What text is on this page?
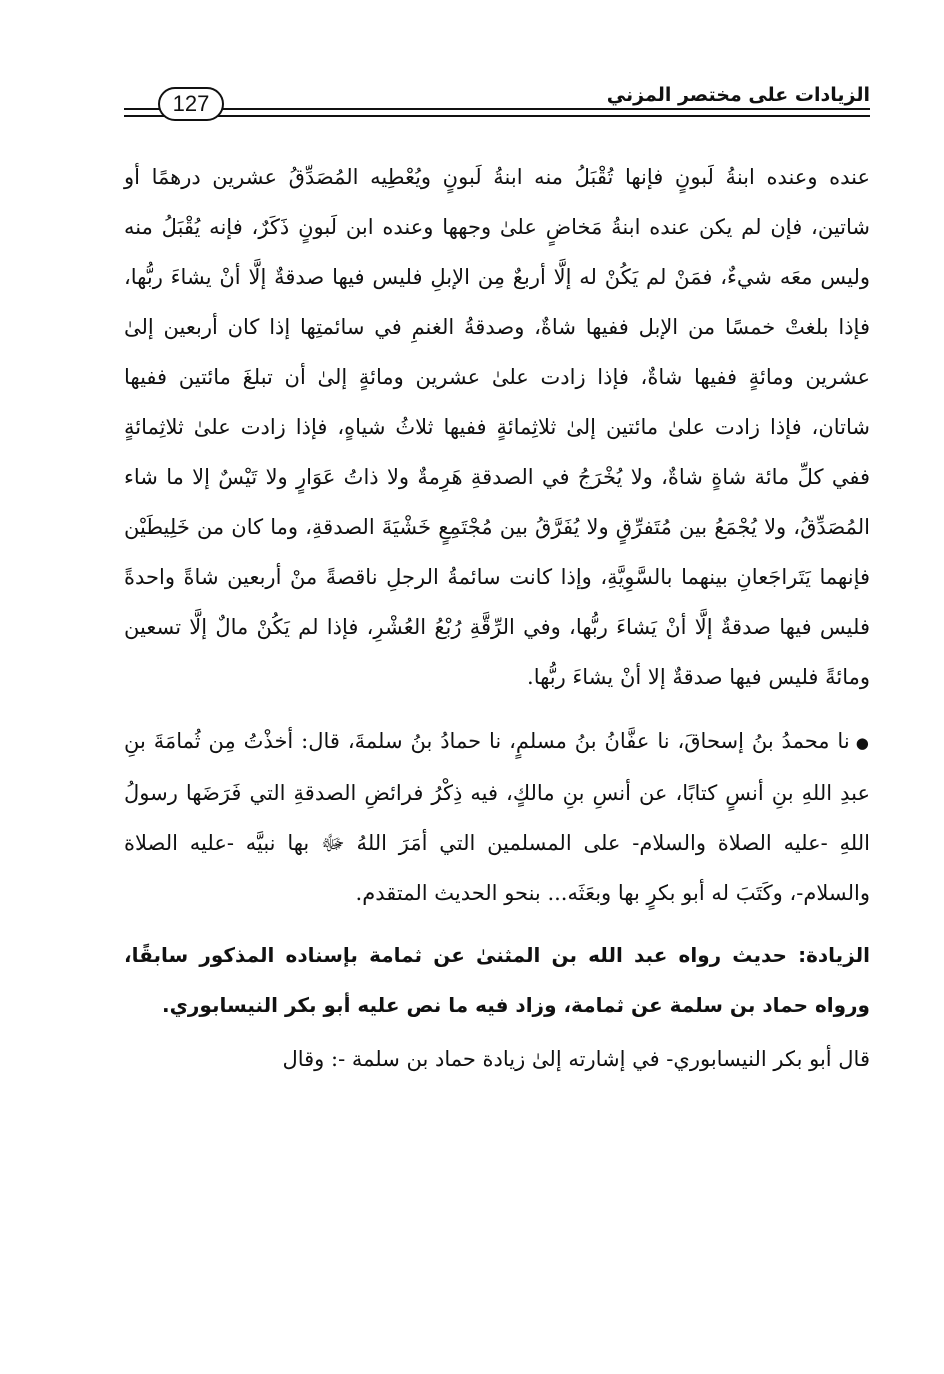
الزيادات على مختصر المزني
127

عنده وعنده ابنةُ لَبونٍ فإنها تُقْبَلُ منه ابنةُ لَبونٍ ويُعْطِيه المُصَدِّقُ عشرين درهمًا أو شاتين، فإن لم يكن عنده ابنةُ مَخاضٍ علىٰ وجهها وعنده ابن لَبونٍ ذَكَرٌ، فإنه يُقْبَلُ منه وليس معَه شيءٌ، فمَنْ لم يَكُنْ له إلَّا أربعٌ مِن الإبلِ فليس فيها صدقةٌ إلَّا أنْ يشاءَ ربُّها، فإذا بلغتْ خمسًا من الإبل ففيها شاةٌ، وصدقةُ الغنمِ في سائمتِها إذا كان أربعين إلىٰ عشرين ومائةٍ ففيها شاةٌ، فإذا زادت علىٰ عشرين ومائةٍ إلىٰ أن تبلغَ مائتين ففيها شاتان، فإذا زادت علىٰ مائتين إلىٰ ثلاثِمائةٍ ففيها ثلاثُ شياهٍ، فإذا زادت علىٰ ثلاثِمائةٍ ففي كلِّ مائة شاةٍ شاةٌ، ولا يُخْرَجُ في الصدقةِ هَرِمةٌ ولا ذاتُ عَوَارٍ ولا تَيْسٌ إلا ما شاء المُصَدِّقُ، ولا يُجْمَعُ بين مُتَفرِّقٍ ولا يُفَرَّقُ بين مُجْتَمِعٍ خَشْيَةَ الصدقةِ، وما كان من خَلِيطَيْن فإنهما يَتَراجَعانِ بينهما بالسَّوِيَّةِ، وإذا كانت سائمةُ الرجلِ ناقصةً منْ أربعين شاةً واحدةً فليس فيها صدقةٌ إلَّا أنْ يَشاءَ ربُّها، وفي الرِّقَّةِ رُبْعُ العُشْرِ، فإذا لم يَكُنْ مالٌ إلَّا تسعين ومائةً فليس فيها صدقةٌ إلا أنْ يشاءَ ربُّها.

●نا محمدُ بنُ إسحاقَ، نا عفَّانُ بنُ مسلمٍ، نا حمادُ بنُ سلمةَ، قال: أخذْتُ مِن ثُمامَةَ بنِ عبدِ اللهِ بنِ أنسٍ كتابًا، عن أنسِ بنِ مالكٍ، فيه ذِكْرُ فرائضِ الصدقةِ التي فَرَضَها رسولُ اللهِ -عليه الصلاة والسلام- على المسلمين التي أمَرَ اللهُ ﷻ بها نبيَّه -عليه الصلاة والسلام-، وكَتَبَ له أبو بكرٍ بها وبعَثَه... بنحو الحديث المتقدم.

الزيادة: حديث رواه عبد الله بن المثنىٰ عن ثمامة بإسناده المذكور سابقًا، ورواه حماد بن سلمة عن ثمامة، وزاد فيه ما نص عليه أبو بكر النيسابوري.

قال أبو بكر النيسابوري- في إشارته إلىٰ زيادة حماد بن سلمة -: وقال
